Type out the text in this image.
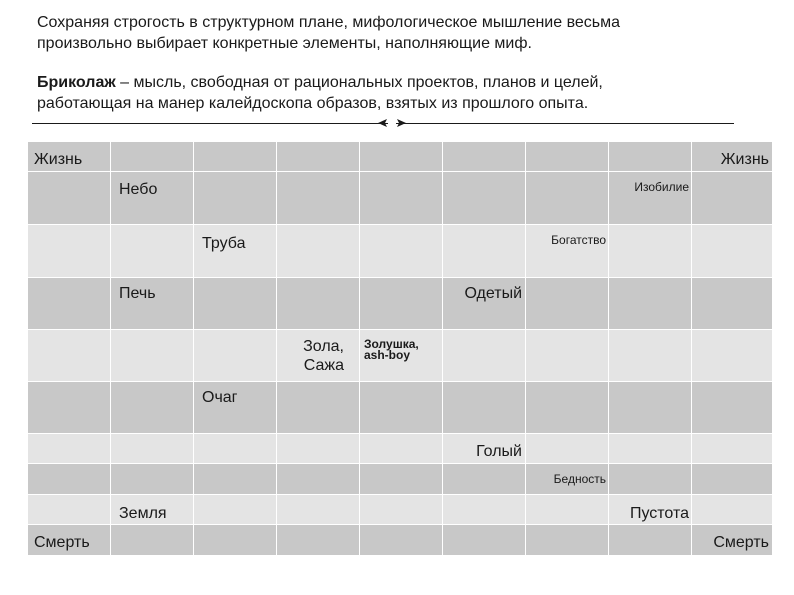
Сохраняя строгость в структурном плане, мифологическое мышление весьма
произвольно выбирает конкретные элементы, наполняющие миф.

Бриколаж – мысль, свободная от рациональных проектов, планов и целей,
работающая на манер калейдоскопа образов, взятых из прошлого опыта.

Жизнь								Жизнь

	Небо						Изобилие	

		Труба				Богатство		

	Печь				Одетый			

			Зола,
Сажа	Золушка,
ash-boy				

		Очаг						

					Голый			

						Бедность		

	Земля						Пустота	

Смерть								Смерть
